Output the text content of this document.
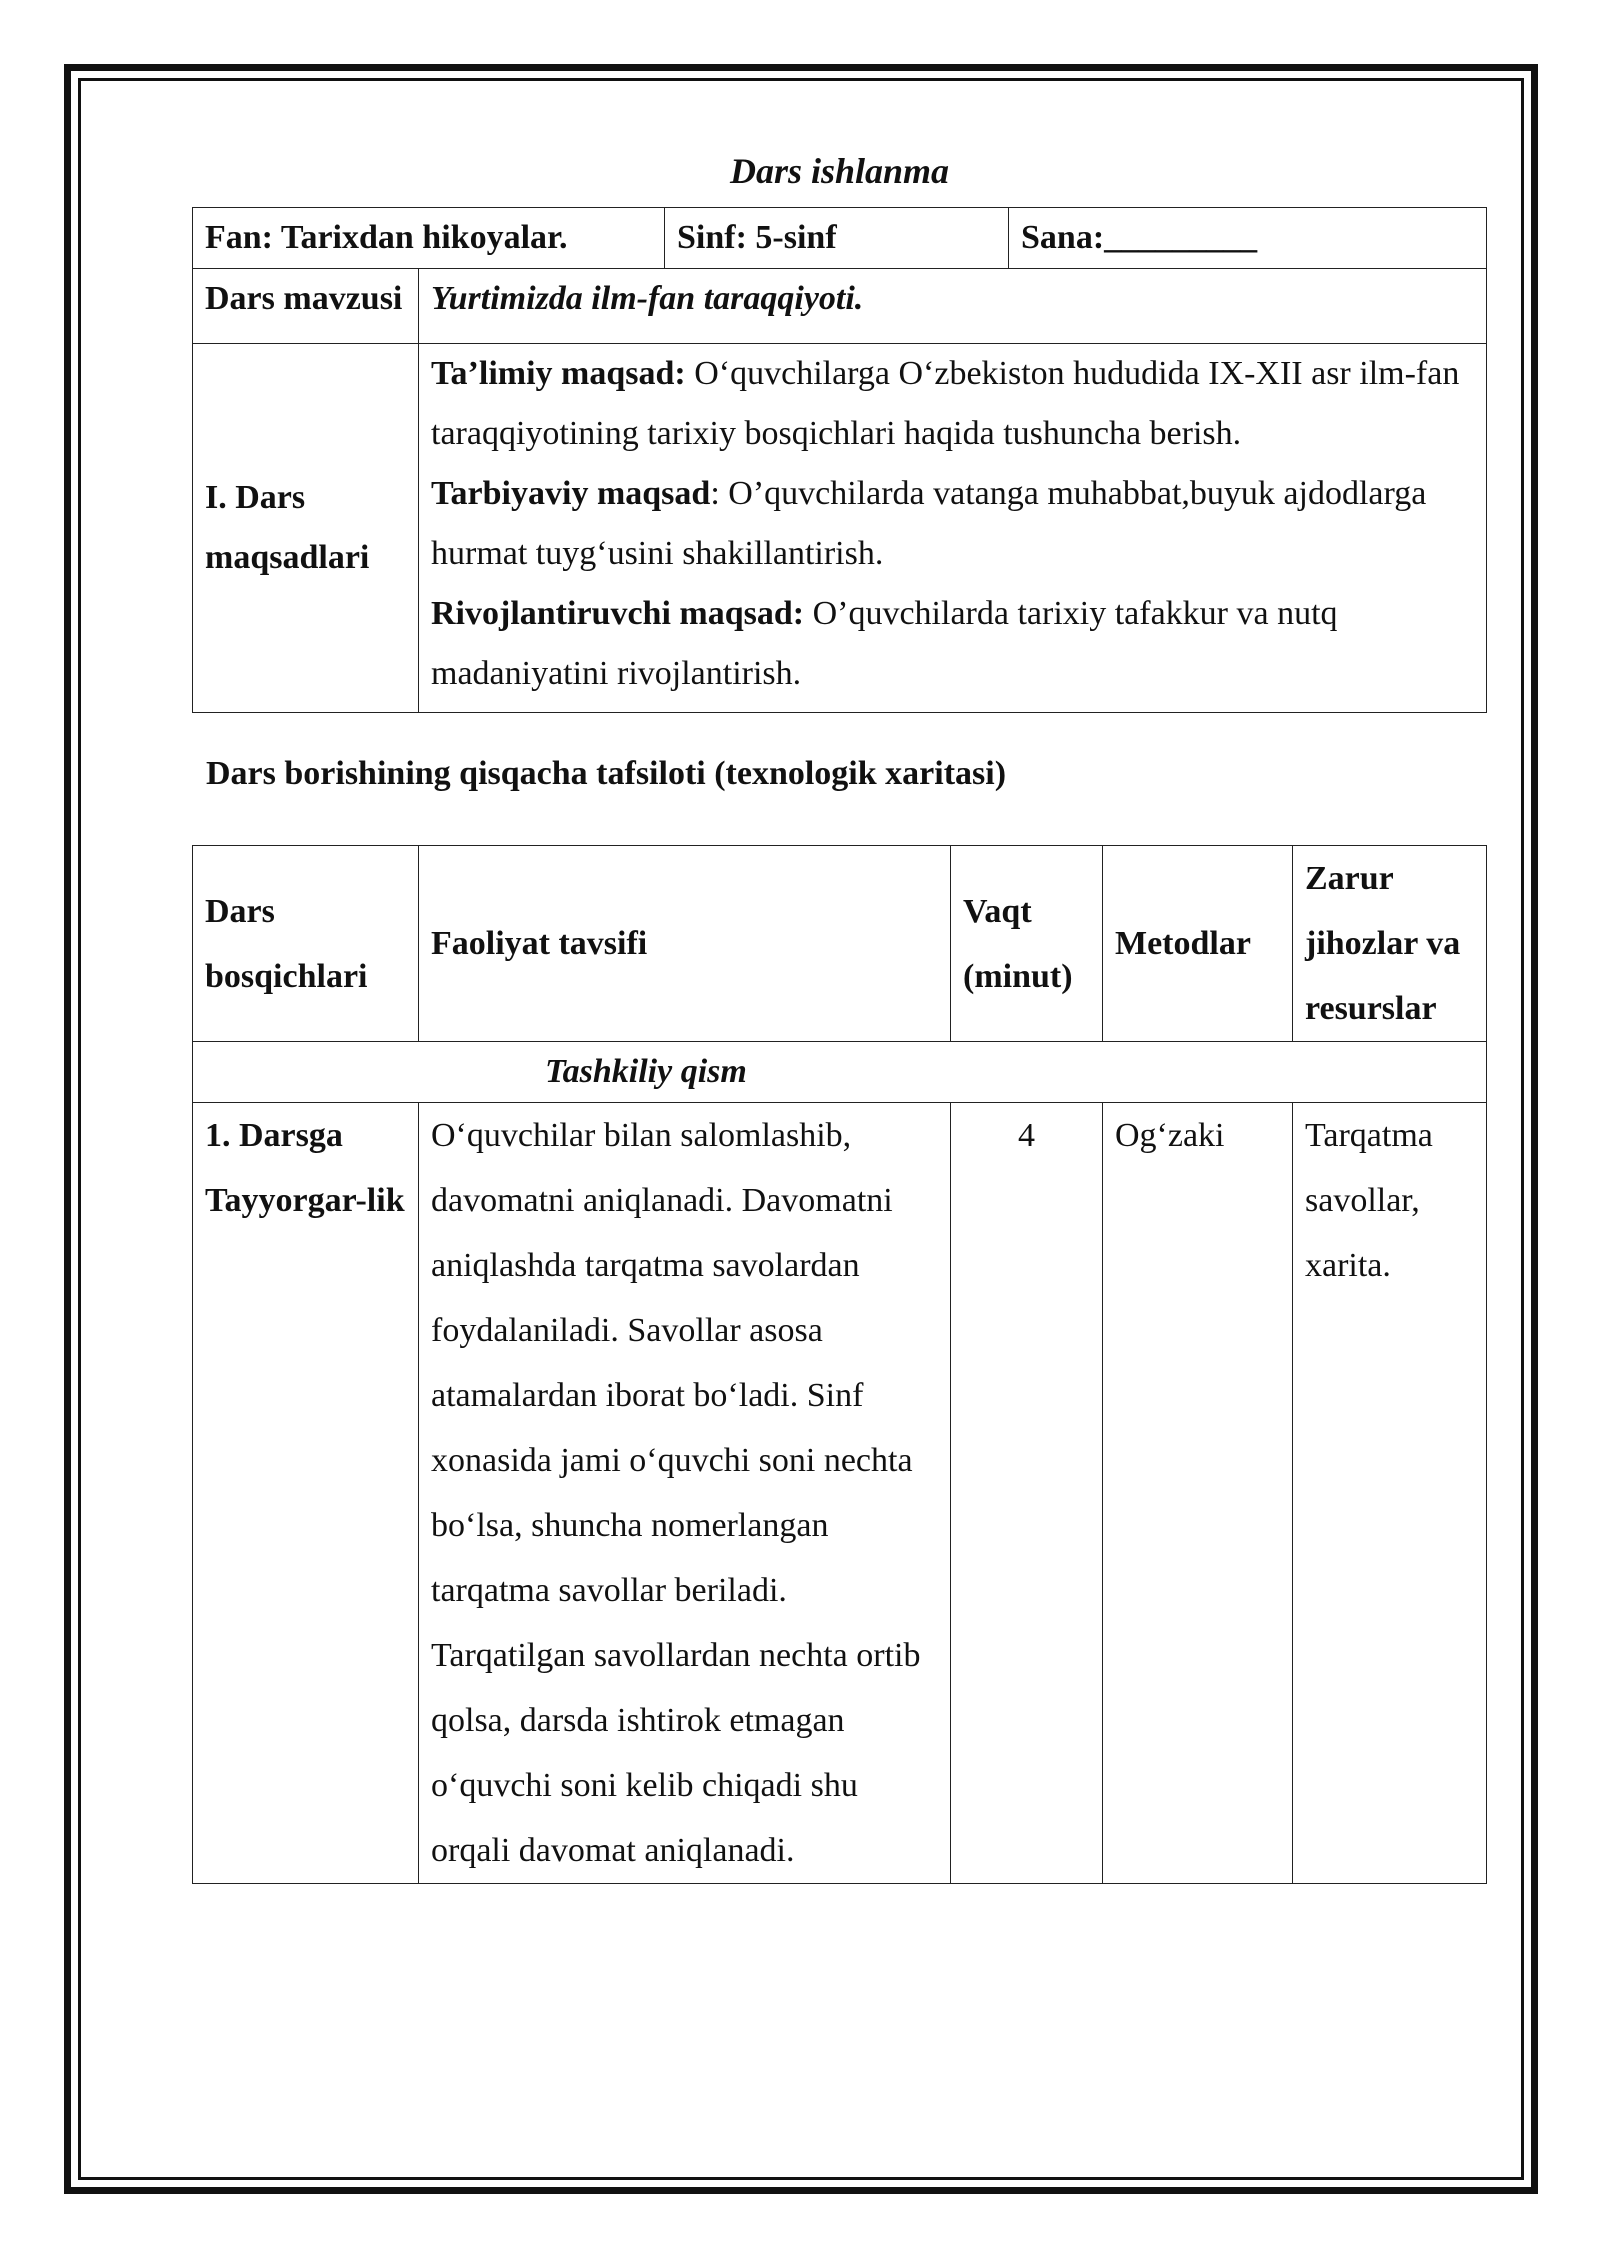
Dars ishlanma
Fan: Tarixdan hikoyalar.		Sinf: 5-sinf	Sana:_________
Dars mavzusi	Yurtimizda ilm-fan taraqqiyoti.		
I. Dars maqsadlari	Ta’limiy maqsad: O‘quvchilarga O‘zbekiston hududida IX-XII asr ilm-fan taraqqiyotining tarixiy bosqichlari haqida tushuncha berish.
Tarbiyaviy maqsad: O’quvchilarda vatanga muhabbat,buyuk ajdodlarga hurmat tuyg‘usini shakillantirish.
Rivojlantiruvchi maqsad: O’quvchilarda tarixiy tafakkur va nutq madaniyatini rivojlantirish.		
Dars borishining qisqacha tafsiloti (texnologik xaritasi)
Dars bosqichlari	Faoliyat tavsifi	Vaqt (minut)	Metodlar	Zarur jihozlar va resurslar
Tashkiliy qism				
1. Darsga Tayyorgar-lik	O‘quvchilar bilan salomlashib, davomatni aniqlanadi. Davomatni aniqlashda tarqatma savolardan foydalaniladi. Savollar asosa atamalardan iborat bo‘ladi. Sinf xonasida jami o‘quvchi soni nechta bo‘lsa, shuncha nomerlangan tarqatma savollar beriladi. Tarqatilgan savollardan nechta ortib qolsa, darsda ishtirok etmagan o‘quvchi soni kelib chiqadi shu orqali davomat aniqlanadi.	4	Og‘zaki	Tarqatma savollar, xarita.
